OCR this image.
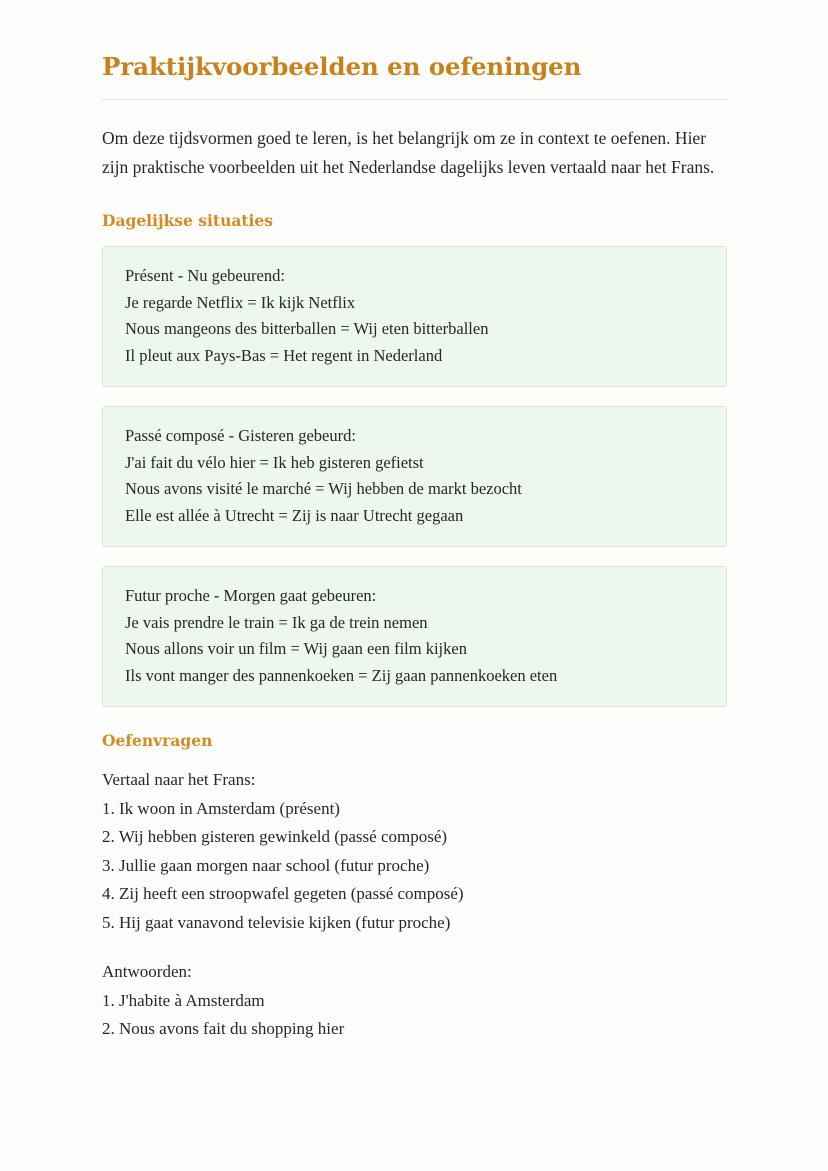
Praktijkvoorbeelden en oefeningen

Om deze tijdsvormen goed te leren, is het belangrijk om ze in context te oefenen. Hier zijn praktische voorbeelden uit het Nederlandse dagelijks leven vertaald naar het Frans.

Dagelijkse situaties
Présent - Nu gebeurend:
Je regarde Netflix = Ik kijk Netflix
Nous mangeons des bitterballen = Wij eten bitterballen
Il pleut aux Pays-Bas = Het regent in Nederland
Passé composé - Gisteren gebeurd:
J'ai fait du vélo hier = Ik heb gisteren gefietst
Nous avons visité le marché = Wij hebben de markt bezocht
Elle est allée à Utrecht = Zij is naar Utrecht gegaan
Futur proche - Morgen gaat gebeuren:
Je vais prendre le train = Ik ga de trein nemen
Nous allons voir un film = Wij gaan een film kijken
Ils vont manger des pannenkoeken = Zij gaan pannenkoeken eten
Oefenvragen

Vertaal naar het Frans:

1. Ik woon in Amsterdam (présent)
2. Wij hebben gisteren gewinkeld (passé composé)
3. Jullie gaan morgen naar school (futur proche)
4. Zij heeft een stroopwafel gegeten (passé composé)
5. Hij gaat vanavond televisie kijken (futur proche)

Antwoorden:

1. J'habite à Amsterdam
2. Nous avons fait du shopping hier
